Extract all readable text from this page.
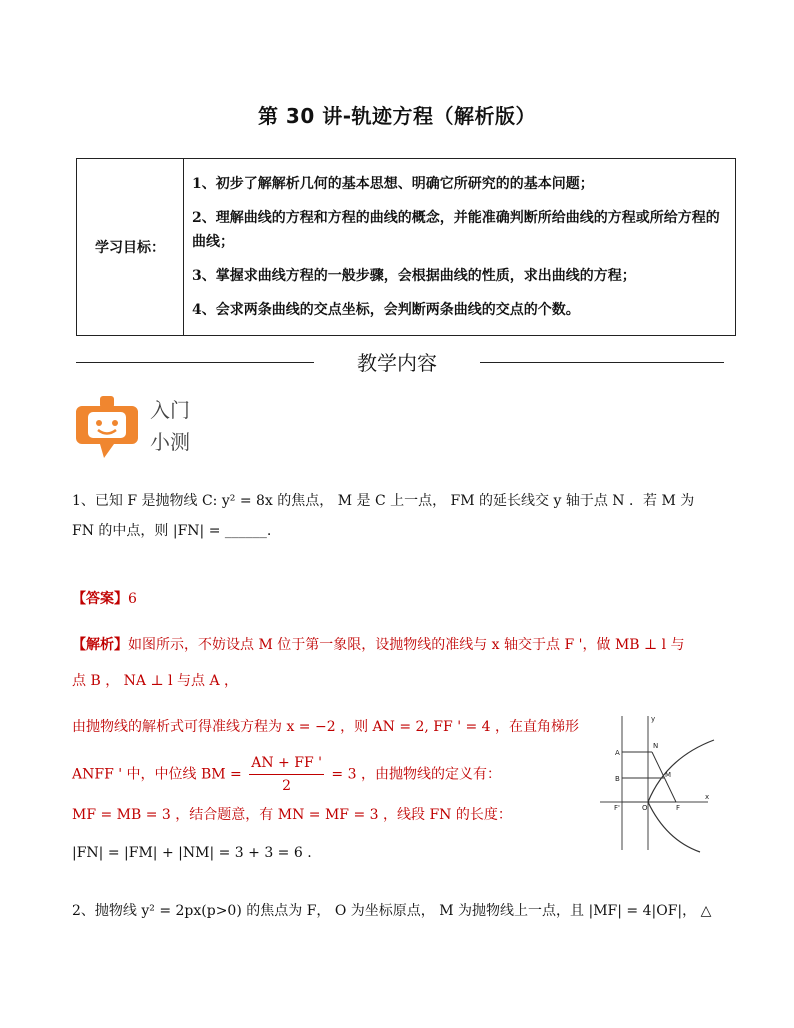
第 30 讲-轨迹方程（解析版）
学习目标：	

1、初步了解解析几何的基本思想、明确它所研究的的基本问题；

2、理解曲线的方程和方程的曲线的概念，并能准确判断所给曲线的方程或所给方程的曲线；

3、掌握求曲线方程的一般步骤，会根据曲线的性质，求出曲线的方程；

4、会求两条曲线的交点坐标，会判断两条曲线的交点的个数。

教学内容
入门
小测
1、已知 F 是抛物线 C: y² = 8x 的焦点， M 是 C 上一点， FM 的延长线交 y 轴于点 N ．若 M 为
FN 的中点，则 |FN| = ______.
【答案】6
【解析】如图所示，不妨设点 M 位于第一象限，设抛物线的准线与 x 轴交于点 F '，做 MB ⊥ l 与
点 B ， NA ⊥ l 与点 A ，
由抛物线的解析式可得准线方程为 x = −2 ，则 AN = 2, FF ' = 4 ，在直角梯形
ANFF ' 中，中位线 BM = $\frac{AN + FF '}{2} = 3$ ，由抛物线的定义有：
MF = MB = 3 ，结合题意，有 MN = MF = 3 ，线段 FN 的长度：
|FN| = |FM| + |NM| = 3 + 3 = 6 .
A
B
N
M
F'	O	F
x
y
2、抛物线 y² = 2px(p>0) 的焦点为 F， O 为坐标原点， M 为抛物线上一点，且 |MF| = 4|OF|， △
